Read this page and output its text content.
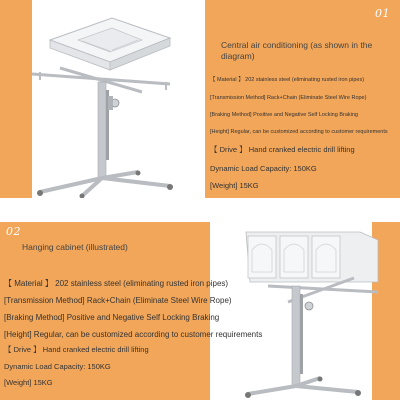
01
Central air conditioning (as shown in the diagram)
【 Material 】 202 stainless steel (eliminating rusted iron pipes)
[Transmission Method] Rack+Chain (Eliminate Steel Wire Rope)
[Braking Method] Positive and Negative Self Locking Braking
[Height] Regular, can be customized according to customer requirements
【 Drive 】 Hand cranked electric drill lifting
Dynamic Load Capacity: 150KG
[Weight] 15KG
02
Hanging cabinet (illustrated)
【 Material 】 202 stainless steel (eliminating rusted iron pipes)
[Transmission Method] Rack+Chain (Eliminate Steel Wire Rope)
[Braking Method] Positive and Negative Self Locking Braking
[Height] Regular, can be customized according to customer requirements
【 Drive 】 Hand cranked electric drill lifting
Dynamic Load Capacity: 150KG
[Weight] 15KG
